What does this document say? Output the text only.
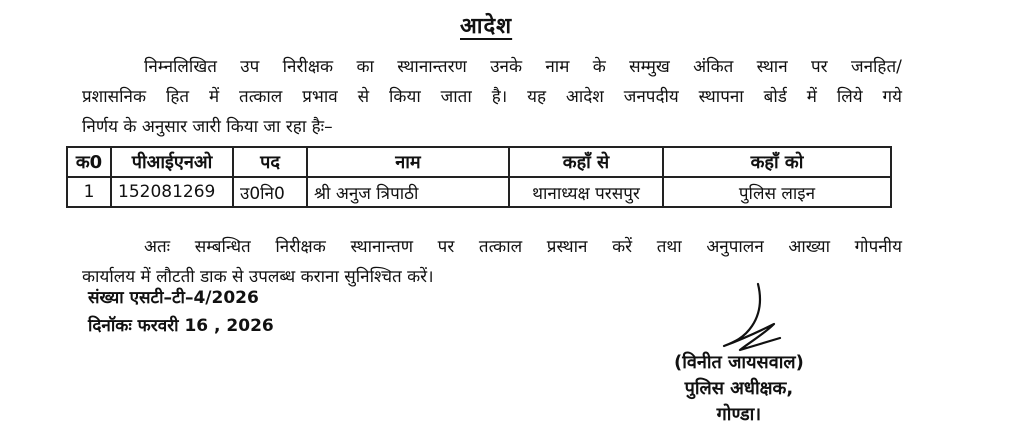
आदेश
निम्नलिखित उप निरीक्षक का स्थानान्तरण उनके नाम के सम्मुख अंकित स्थान पर जनहित/
प्रशासनिक हित में तत्काल प्रभाव से किया जाता है। यह आदेश जनपदीय स्थापना बोर्ड में लिये गये
निर्णय के अनुसार जारी किया जा रहा हैः–
क0	पीआईएनओ	पद	नाम	कहाँ से	कहाँ को
1	152081269	उ0नि0	श्री अनुज त्रिपाठी	थानाध्यक्ष परसपुर	पुलिस लाइन
अतः सम्बन्धित निरीक्षक स्थानान्तण पर तत्काल प्रस्थान करें तथा अनुपालन आख्या गोपनीय
कार्यालय में लौटती डाक से उपलब्ध कराना सुनिश्चित करें।
संख्या एसटी–टी–4/2026
दिनॉकः फरवरी 16 , 2026
(विनीत जायसवाल)
पुलिस अधीक्षक,
गोण्डा।
